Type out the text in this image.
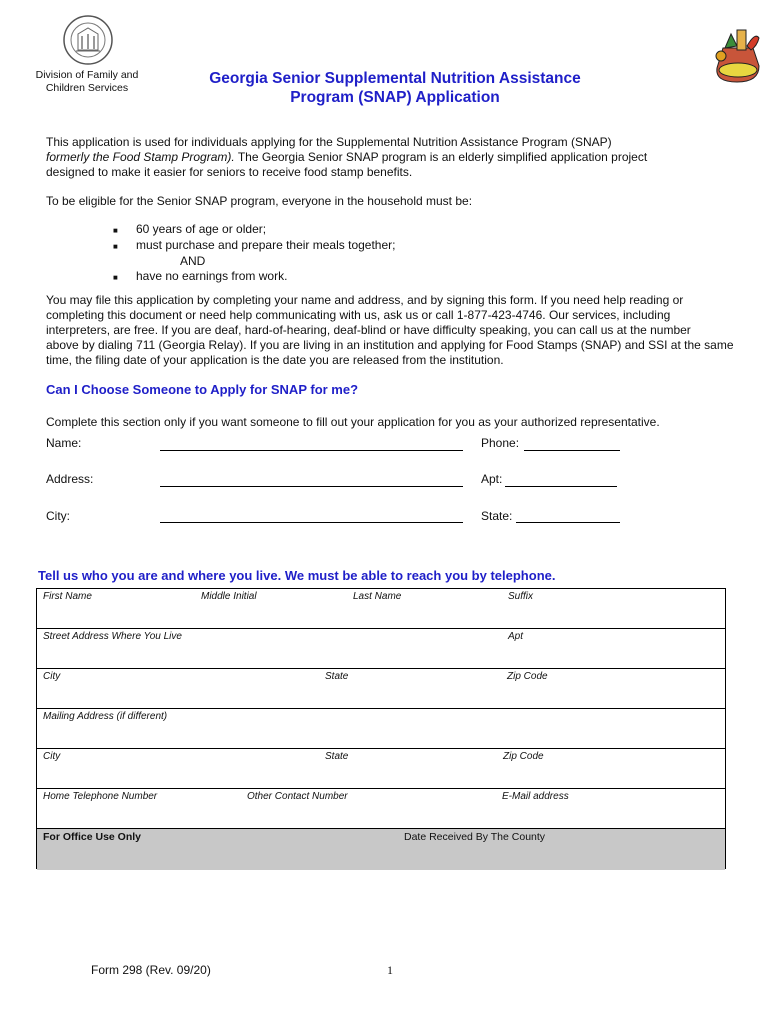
Division of Family and
Children Services
Georgia Senior Supplemental Nutrition Assistance
Program (SNAP) Application
This application is used for individuals applying for the Supplemental Nutrition Assistance Program (SNAP)
formerly the Food Stamp Program). The Georgia Senior SNAP program is an elderly simplified application project
designed to make it easier for seniors to receive food stamp benefits.
To be eligible for the Senior SNAP program, everyone in the household must be:
■	60 years of age or older;
■	must purchase and prepare their meals together;
AND
■	have no earnings from work.
You may file this application by completing your name and address, and by signing this form. If you need help reading or
completing this document or need help communicating with us, ask us or call 1-877-423-4746. Our services, including
interpreters, are free. If you are deaf, hard-of-hearing, deaf-blind or have difficulty speaking, you can call us at the number
above by dialing 711 (Georgia Relay). If you are living in an institution and applying for Food Stamps (SNAP) and SSI at the same
time, the filing date of your application is the date you are released from the institution.
Can I Choose Someone to Apply for SNAP for me?
Complete this section only if you want someone to fill out your application for you as your authorized representative.
Name:	Phone:
Address:	Apt:
City:	State:
Tell us who you are and where you live. We must be able to reach you by telephone.
First Name	Middle Initial	Last Name	Suffix
Street Address Where You Live	Apt
City	State	Zip Code
Mailing Address (if different)
City	State	Zip Code
Home Telephone Number	Other Contact Number	E-Mail address
For Office Use Only	Date Received By The County
Form 298 (Rev. 09/20)	1
